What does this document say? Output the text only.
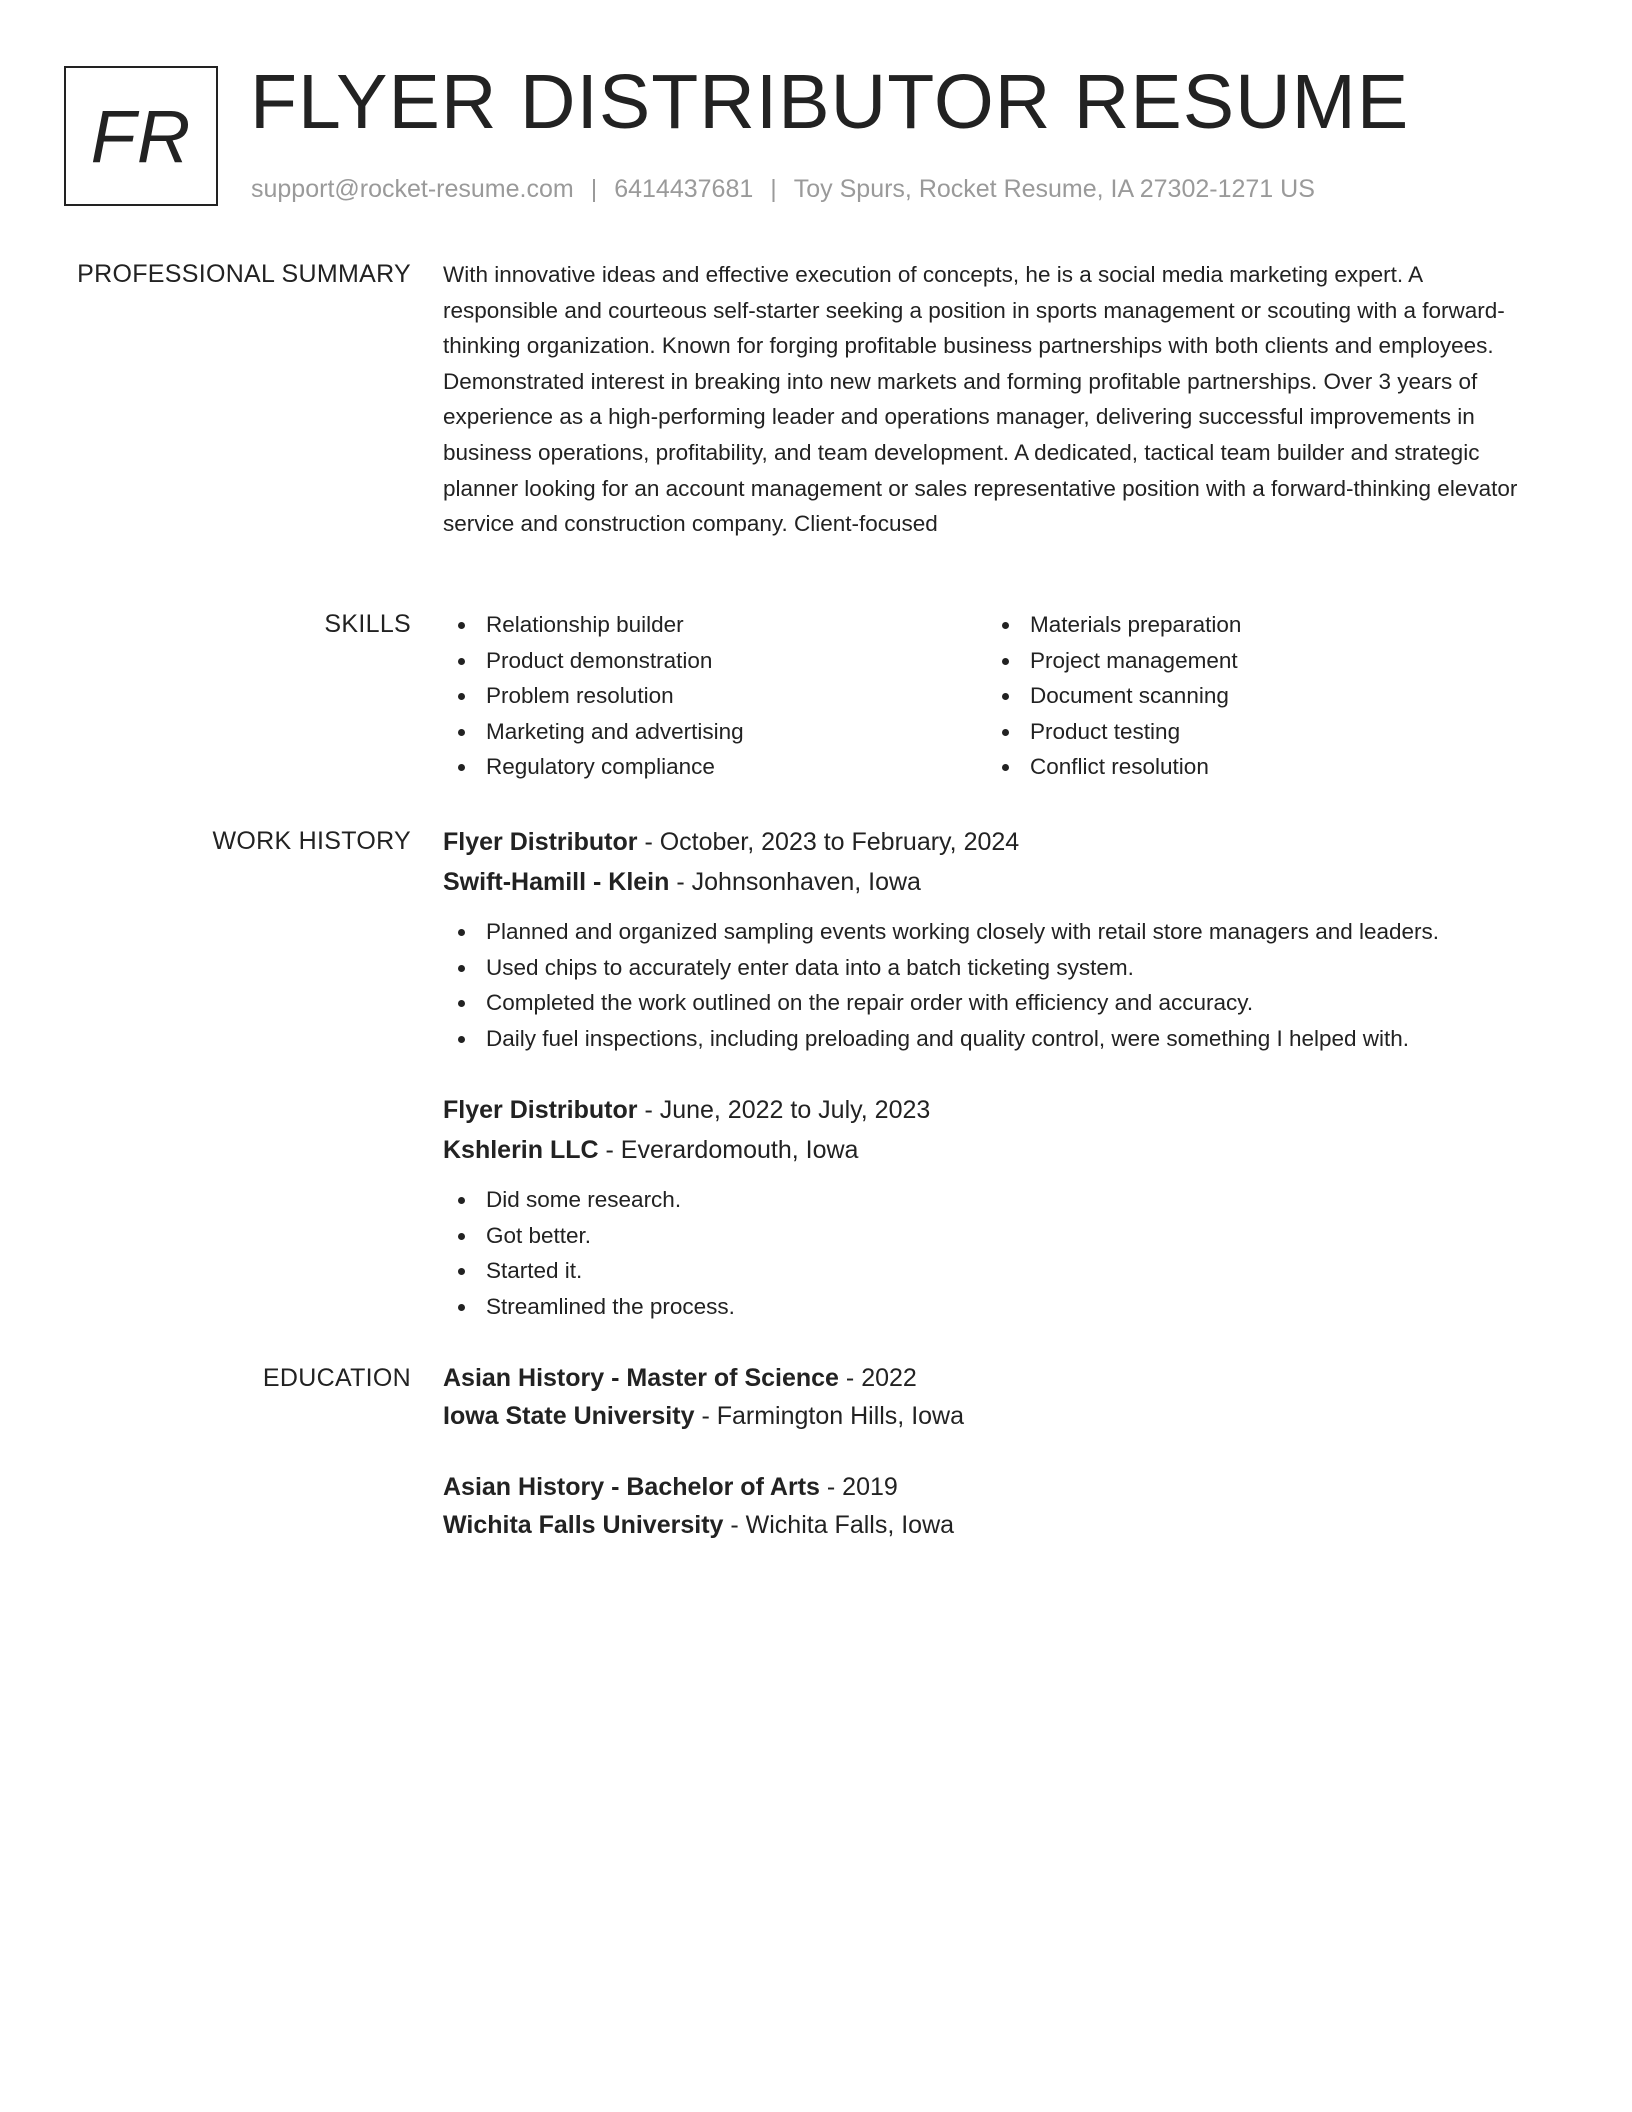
FR FLYER DISTRIBUTOR RESUME
support@rocket-resume.com | 6414437681 | Toy Spurs, Rocket Resume, IA 27302-1271 US
PROFESSIONAL SUMMARY With innovative ideas and effective execution of concepts, he is a social media marketing expert. A responsible and courteous self-starter seeking a position in sports management or scouting with a forward-thinking organization. Known for forging profitable business partnerships with both clients and employees. Demonstrated interest in breaking into new markets and forming profitable partnerships. Over 3 years of experience as a high-performing leader and operations manager, delivering successful improvements in business operations, profitability, and team development. A dedicated, tactical team builder and strategic planner looking for an account management or sales representative position with a forward-thinking elevator service and construction company. Client-focused

SKILLS	Relationship builder
Product demonstration
Problem resolution
Marketing and advertising
Regulatory compliance
Materials preparation
Project management
Document scanning
Product testing
Conflict resolution
WORK HISTORY Flyer Distributor - October, 2023 to February, 2024
Swift-Hamill - Klein - Johnsonhaven, Iowa
Planned and organized sampling events working closely with retail store managers and leaders.
Used chips to accurately enter data into a batch ticketing system.
Completed the work outlined on the repair order with efficiency and accuracy.
Daily fuel inspections, including preloading and quality control, were something I helped with.
Flyer Distributor - June, 2022 to July, 2023
Kshlerin LLC - Everardomouth, Iowa
Did some research.
Got better.
Started it.
Streamlined the process.
EDUCATION Asian History - Master of Science - 2022
Iowa State University - Farmington Hills, Iowa
Asian History - Bachelor of Arts - 2019
Wichita Falls University - Wichita Falls, Iowa
